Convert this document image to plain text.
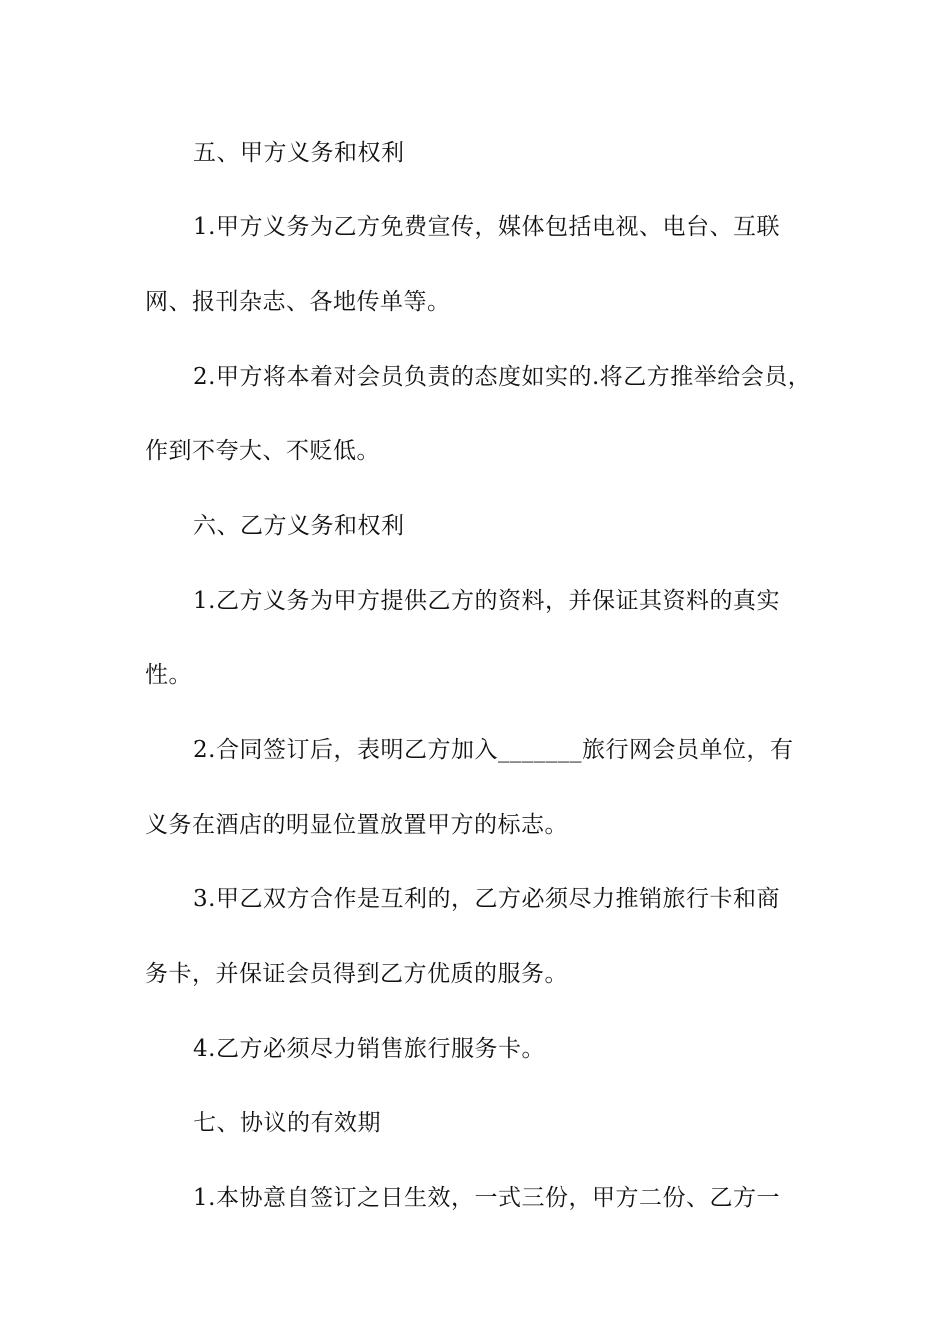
五、甲方义务和权利
1.甲方义务为乙方免费宣传，媒体包括电视、电台、互联
网、报刊杂志、各地传单等。
2.甲方将本着对会员负责的态度如实的.将乙方推举给会员，
作到不夸大、不贬低。
六、乙方义务和权利
1.乙方义务为甲方提供乙方的资料，并保证其资料的真实
性。
2.合同签订后，表明乙方加入_______旅行网会员单位，有
义务在酒店的明显位置放置甲方的标志。
3.甲乙双方合作是互利的，乙方必须尽力推销旅行卡和商
务卡，并保证会员得到乙方优质的服务。
4.乙方必须尽力销售旅行服务卡。
七、协议的有效期
1.本协意自签订之日生效，一式三份，甲方二份、乙方一
